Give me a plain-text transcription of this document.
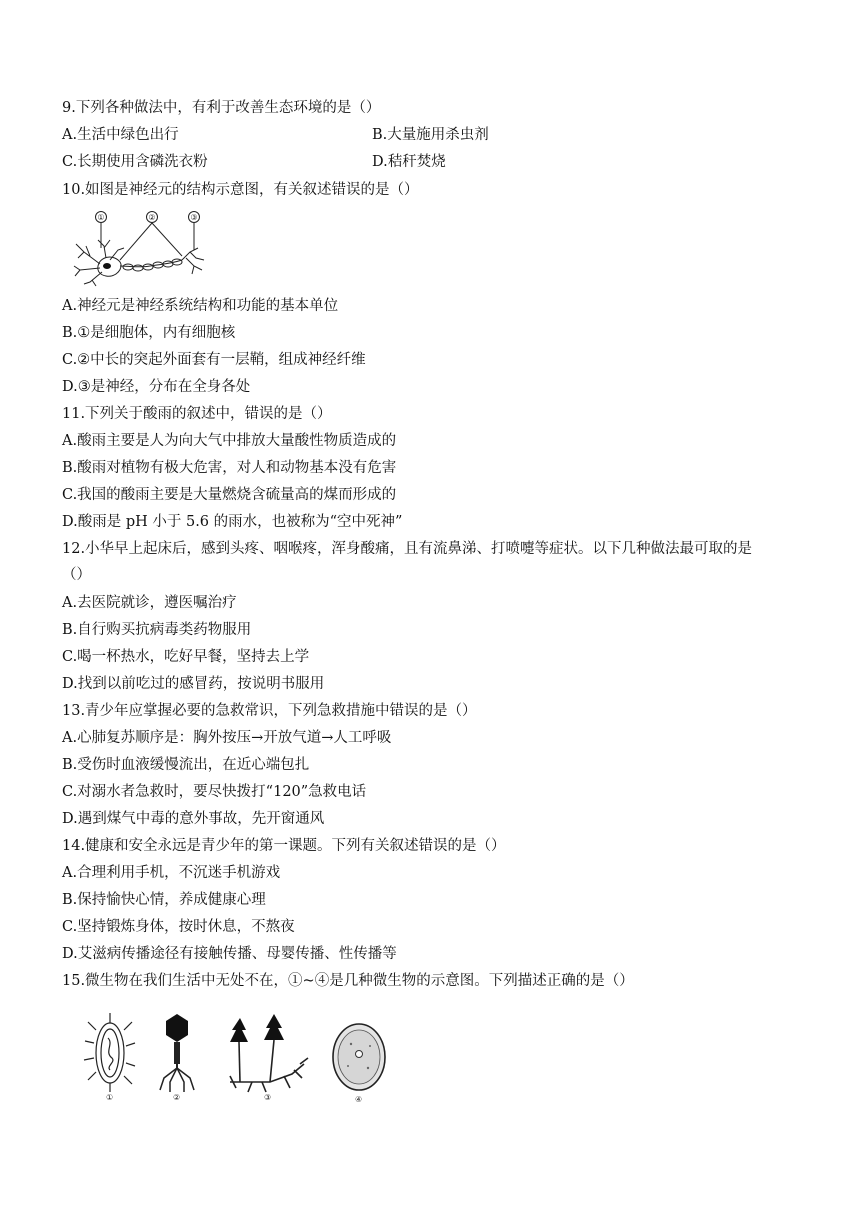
9.下列各种做法中，有利于改善生态环境的是（）
A.生活中绿色出行	B.大量施用杀虫剂
C.长期使用含磷洗衣粉	D.秸秆焚烧
10.如图是神经元的结构示意图，有关叙述错误的是（）
①	②	③
A.神经元是神经系统结构和功能的基本单位
B.①是细胞体，内有细胞核
C.②中长的突起外面套有一层鞘，组成神经纤维
D.③是神经，分布在全身各处
11.下列关于酸雨的叙述中，错误的是（）
A.酸雨主要是人为向大气中排放大量酸性物质造成的
B.酸雨对植物有极大危害，对人和动物基本没有危害
C.我国的酸雨主要是大量燃烧含硫量高的煤而形成的
D.酸雨是 pH 小于 5.6 的雨水，也被称为“空中死神”
12.小华早上起床后，感到头疼、咽喉疼，浑身酸痛，且有流鼻涕、打喷嚏等症状。以下几种做法最可取的是
（）
A.去医院就诊，遵医嘱治疗
B.自行购买抗病毒类药物服用
C.喝一杯热水，吃好早餐，坚持去上学
D.找到以前吃过的感冒药，按说明书服用
13.青少年应掌握必要的急救常识，下列急救措施中错误的是（）
A.心肺复苏顺序是：胸外按压→开放气道→人工呼吸
B.受伤时血液缓慢流出，在近心端包扎
C.对溺水者急救时，要尽快拨打“120”急救电话
D.遇到煤气中毒的意外事故，先开窗通风
14.健康和安全永远是青少年的第一课题。下列有关叙述错误的是（）
A.合理利用手机，不沉迷手机游戏
B.保持愉快心情，养成健康心理
C.坚持锻炼身体，按时休息，不熬夜
D.艾滋病传播途径有接触传播、母婴传播、性传播等
15.微生物在我们生活中无处不在，①~④是几种微生物的示意图。下列描述正确的是（）
①	②	③	④
